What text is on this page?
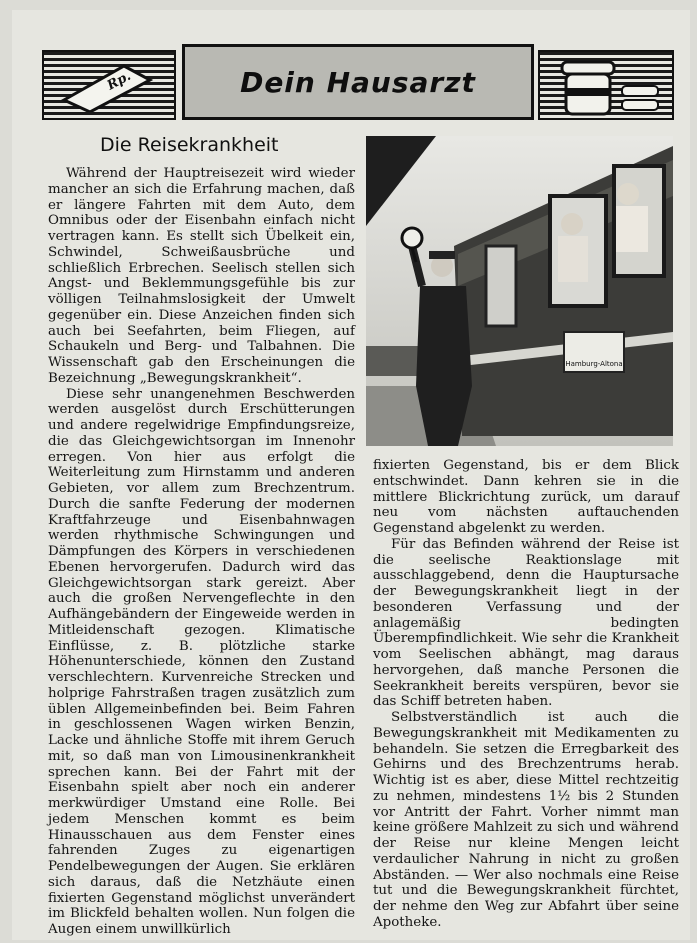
Rp.	Dein Hausarzt
Die Reisekrankheit

Während der Hauptreisezeit wird wieder mancher an sich die Erfahrung machen, daß er längere Fahrten mit dem Auto, dem Omnibus oder der Eisenbahn einfach nicht vertragen kann. Es stellt sich Übelkeit ein, Schwindel, Schweißausbrüche und schließlich Erbrechen. Seelisch stellen sich Angst- und Beklemmungsgefühle bis zur völligen Teilnahmslosigkeit der Umwelt gegenüber ein. Diese Anzeichen finden sich auch bei Seefahrten, beim Fliegen, auf Schaukeln und Berg- und Talbahnen. Die Wissenschaft gab den Erscheinungen die Bezeichnung „Bewegungskrankheit“.

Diese sehr unangenehmen Beschwerden werden ausgelöst durch Erschütterungen und andere regelwidrige Empfindungsreize, die das Gleichgewichtsorgan im Innenohr erregen. Von hier aus erfolgt die Weiterleitung zum Hirnstamm und anderen Gebieten, vor allem zum Brechzentrum. Durch die sanfte Federung der modernen Kraftfahrzeuge und Eisenbahnwagen werden rhythmische Schwingungen und Dämpfungen des Körpers in verschiedenen Ebenen hervorgerufen. Dadurch wird das Gleichgewichtsorgan stark gereizt. Aber auch die großen Nervengeflechte in den Aufhängebändern der Eingeweide werden in Mitleidenschaft gezogen. Klimatische Einflüsse, z. B. plötzliche starke Höhenunterschiede, können den Zustand verschlechtern. Kurvenreiche Strecken und holprige Fahrstraßen tragen zusätzlich zum üblen Allgemeinbefinden bei. Beim Fahren in geschlossenen Wagen wirken Benzin, Lacke und ähnliche Stoffe mit ihrem Geruch mit, so daß man von Limousinenkrankheit sprechen kann. Bei der Fahrt mit der Eisenbahn spielt aber noch ein anderer merkwürdiger Umstand eine Rolle. Bei jedem Menschen kommt es beim Hinausschauen aus dem Fenster eines fahrenden Zuges zu eigenartigen Pendelbewegungen der Augen. Sie erklären sich daraus, daß die Netzhäute einen fixierten Gegenstand möglichst unverändert im Blickfeld behalten wollen. Nun folgen die Augen einem unwillkürlich

Hamburg-Altona

fixierten Gegenstand, bis er dem Blick entschwindet. Dann kehren sie in die mittlere Blickrichtung zurück, um darauf neu vom nächsten auftauchenden Gegenstand abgelenkt zu werden.

Für das Befinden während der Reise ist die seelische Reaktionslage mit ausschlaggebend, denn die Hauptursache der Bewegungskrankheit liegt in der besonderen Verfassung und der anlagemäßig bedingten Überempfindlichkeit. Wie sehr die Krankheit vom Seelischen abhängt, mag daraus hervorgehen, daß manche Personen die Seekrankheit bereits verspüren, bevor sie das Schiff betreten haben.

Selbstverständlich ist auch die Bewegungskrankheit mit Medikamenten zu behandeln. Sie setzen die Erregbarkeit des Gehirns und des Brechzentrums herab. Wichtig ist es aber, diese Mittel rechtzeitig zu nehmen, mindestens 1½ bis 2 Stunden vor Antritt der Fahrt. Vorher nimmt man keine größere Mahlzeit zu sich und während der Reise nur kleine Mengen leicht verdaulicher Nahrung in nicht zu großen Abständen. — Wer also nochmals eine Reise tut und die Bewegungskrankheit fürchtet, der nehme den Weg zur Abfahrt über seine Apotheke.
